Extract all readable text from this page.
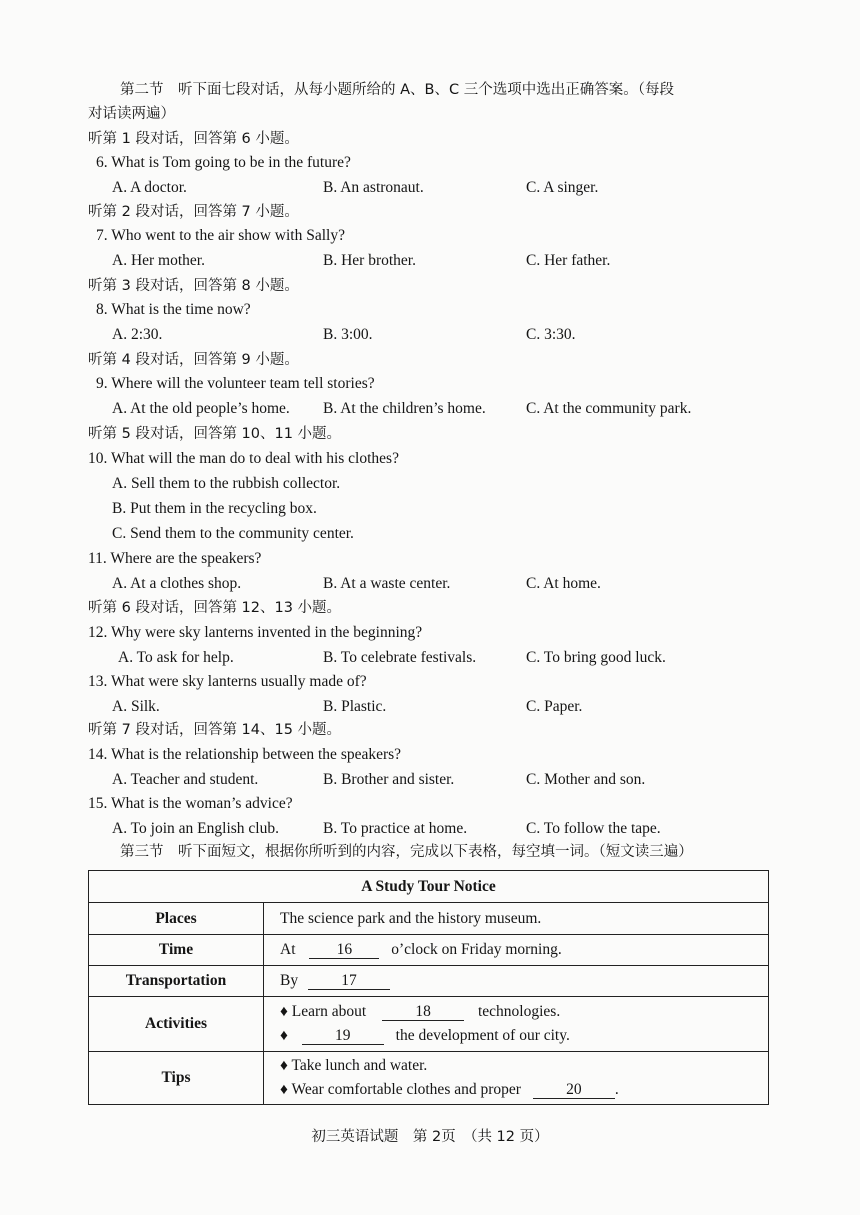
第二节　听下面七段对话，从每小题所给的 A、B、C 三个选项中选出正确答案。（每段
对话读两遍）
听第 1 段对话，回答第 6 小题。
6. What is Tom going to be in the future?
A. A doctor.	B. An astronaut.	C. A singer.
听第 2 段对话，回答第 7 小题。
7. Who went to the air show with Sally?
A. Her mother.	B. Her brother.	C. Her father.
听第 3 段对话，回答第 8 小题。
8. What is the time now?
A. 2:30.	B. 3:00.	C. 3:30.
听第 4 段对话，回答第 9 小题。
9. Where will the volunteer team tell stories?
A. At the old people’s home. B. At the children’s home.	C. At the community park.
听第 5 段对话，回答第 10、11 小题。
10. What will the man do to deal with his clothes?
A. Sell them to the rubbish collector.
B. Put them in the recycling box.
C. Send them to the community center.
11. Where are the speakers?
A. At a clothes shop.	B. At a waste center.	C. At home.
听第 6 段对话，回答第 12、13 小题。
12. Why were sky lanterns invented in the beginning?
A. To ask for help.	B. To celebrate festivals.	C. To bring good luck.
13. What were sky lanterns usually made of?
A. Silk.	B. Plastic.	C. Paper.
听第 7 段对话，回答第 14、15 小题。
14. What is the relationship between the speakers?
A. Teacher and student.	B. Brother and sister.	C. Mother and son.
15. What is the woman’s advice?
A. To join an English club.	B. To practice at home.	C. To follow the tape.
第三节　听下面短文，根据你所听到的内容，完成以下表格，每空填一词。（短文读三遍）
A Study Tour Notice	
Places	The science park and the history museum.
Time	At 16 o’clock on Friday morning.
Transportation	By 17
Activities	♦ Learn about 18 technologies.
♦ 19 the development of our city.

Tips	♦ Take lunch and water.
♦ Wear comfortable clothes and proper 20 .
初三英语试题　第 2页　（共 12 页）
